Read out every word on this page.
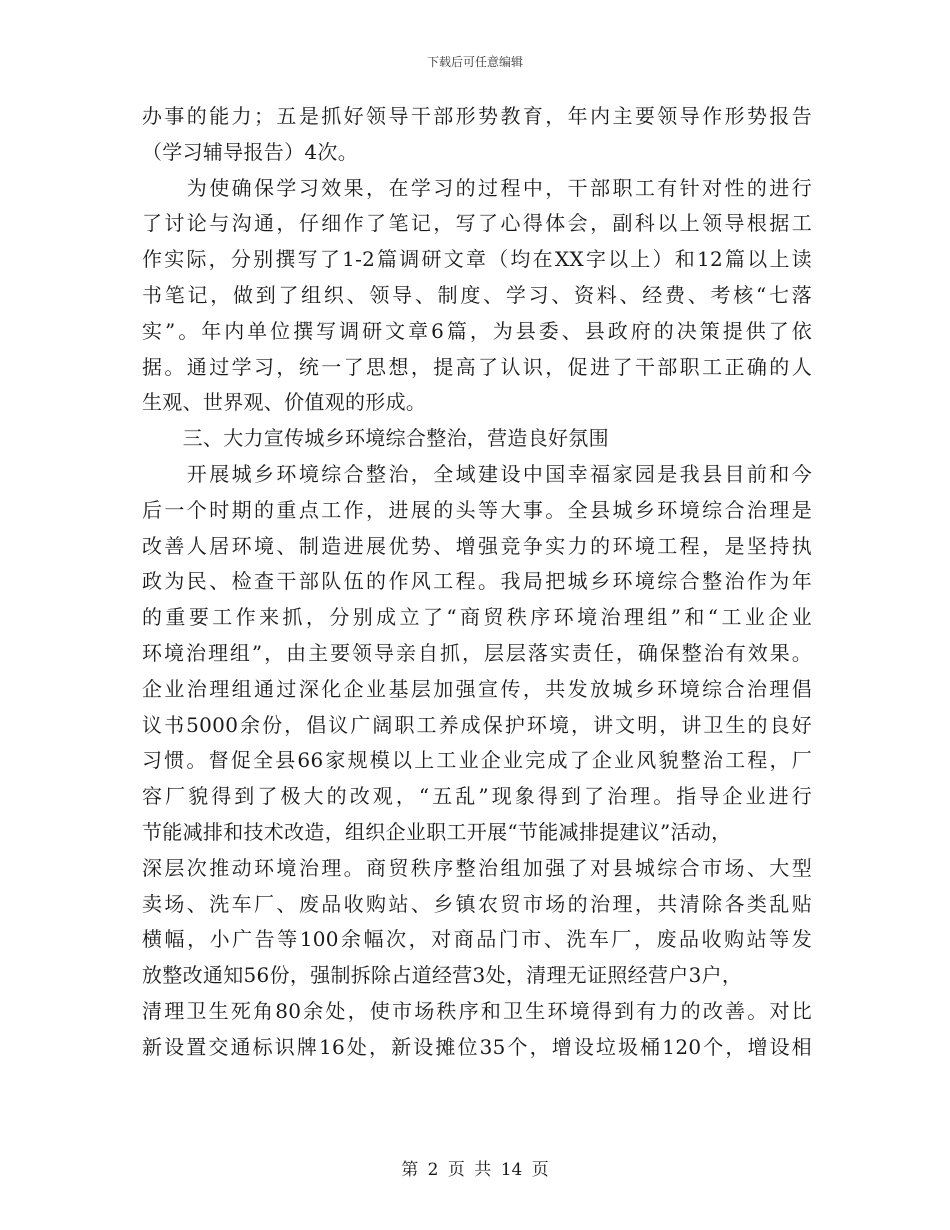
下载后可任意编辑
办事的能力；五是抓好领导干部形势教育，年内主要领导作形势报告
（学习辅导报告）4次。
　　为使确保学习效果，在学习的过程中，干部职工有针对性的进行
了讨论与沟通，仔细作了笔记，写了心得体会，副科以上领导根据工
作实际，分别撰写了1-2篇调研文章（均在XX字以上）和12篇以上读
书笔记，做到了组织、领导、制度、学习、资料、经费、考核“七落
实”。年内单位撰写调研文章6篇，为县委、县政府的决策提供了依
据。通过学习，统一了思想，提高了认识，促进了干部职工正确的人
生观、世界观、价值观的形成。
　　三、大力宣传城乡环境综合整治，营造良好氛围
　　开展城乡环境综合整治，全域建设中国幸福家园是我县目前和今
后一个时期的重点工作，进展的头等大事。全县城乡环境综合治理是
改善人居环境、制造进展优势、增强竞争实力的环境工程，是坚持执
政为民、检查干部队伍的作风工程。我局把城乡环境综合整治作为年
的重要工作来抓，分别成立了“商贸秩序环境治理组”和“工业企业
环境治理组”，由主要领导亲自抓，层层落实责任，确保整治有效果。
企业治理组通过深化企业基层加强宣传，共发放城乡环境综合治理倡
议书5000余份，倡议广阔职工养成保护环境，讲文明，讲卫生的良好
习惯。督促全县66家规模以上工业企业完成了企业风貌整治工程，厂
容厂貌得到了极大的改观，“五乱”现象得到了治理。指导企业进行
节能减排和技术改造，组织企业职工开展“节能减排提建议”活动，
深层次推动环境治理。商贸秩序整治组加强了对县城综合市场、大型
卖场、洗车厂、废品收购站、乡镇农贸市场的治理，共清除各类乱贴
横幅，小广告等100余幅次，对商品门市、洗车厂，废品收购站等发
放整改通知56份，强制拆除占道经营3处，清理无证照经营户3户，
清理卫生死角80余处，使市场秩序和卫生环境得到有力的改善。对比
新设置交通标识牌16处，新设摊位35个，增设垃圾桶120个，增设相
第 2 页 共 14 页
